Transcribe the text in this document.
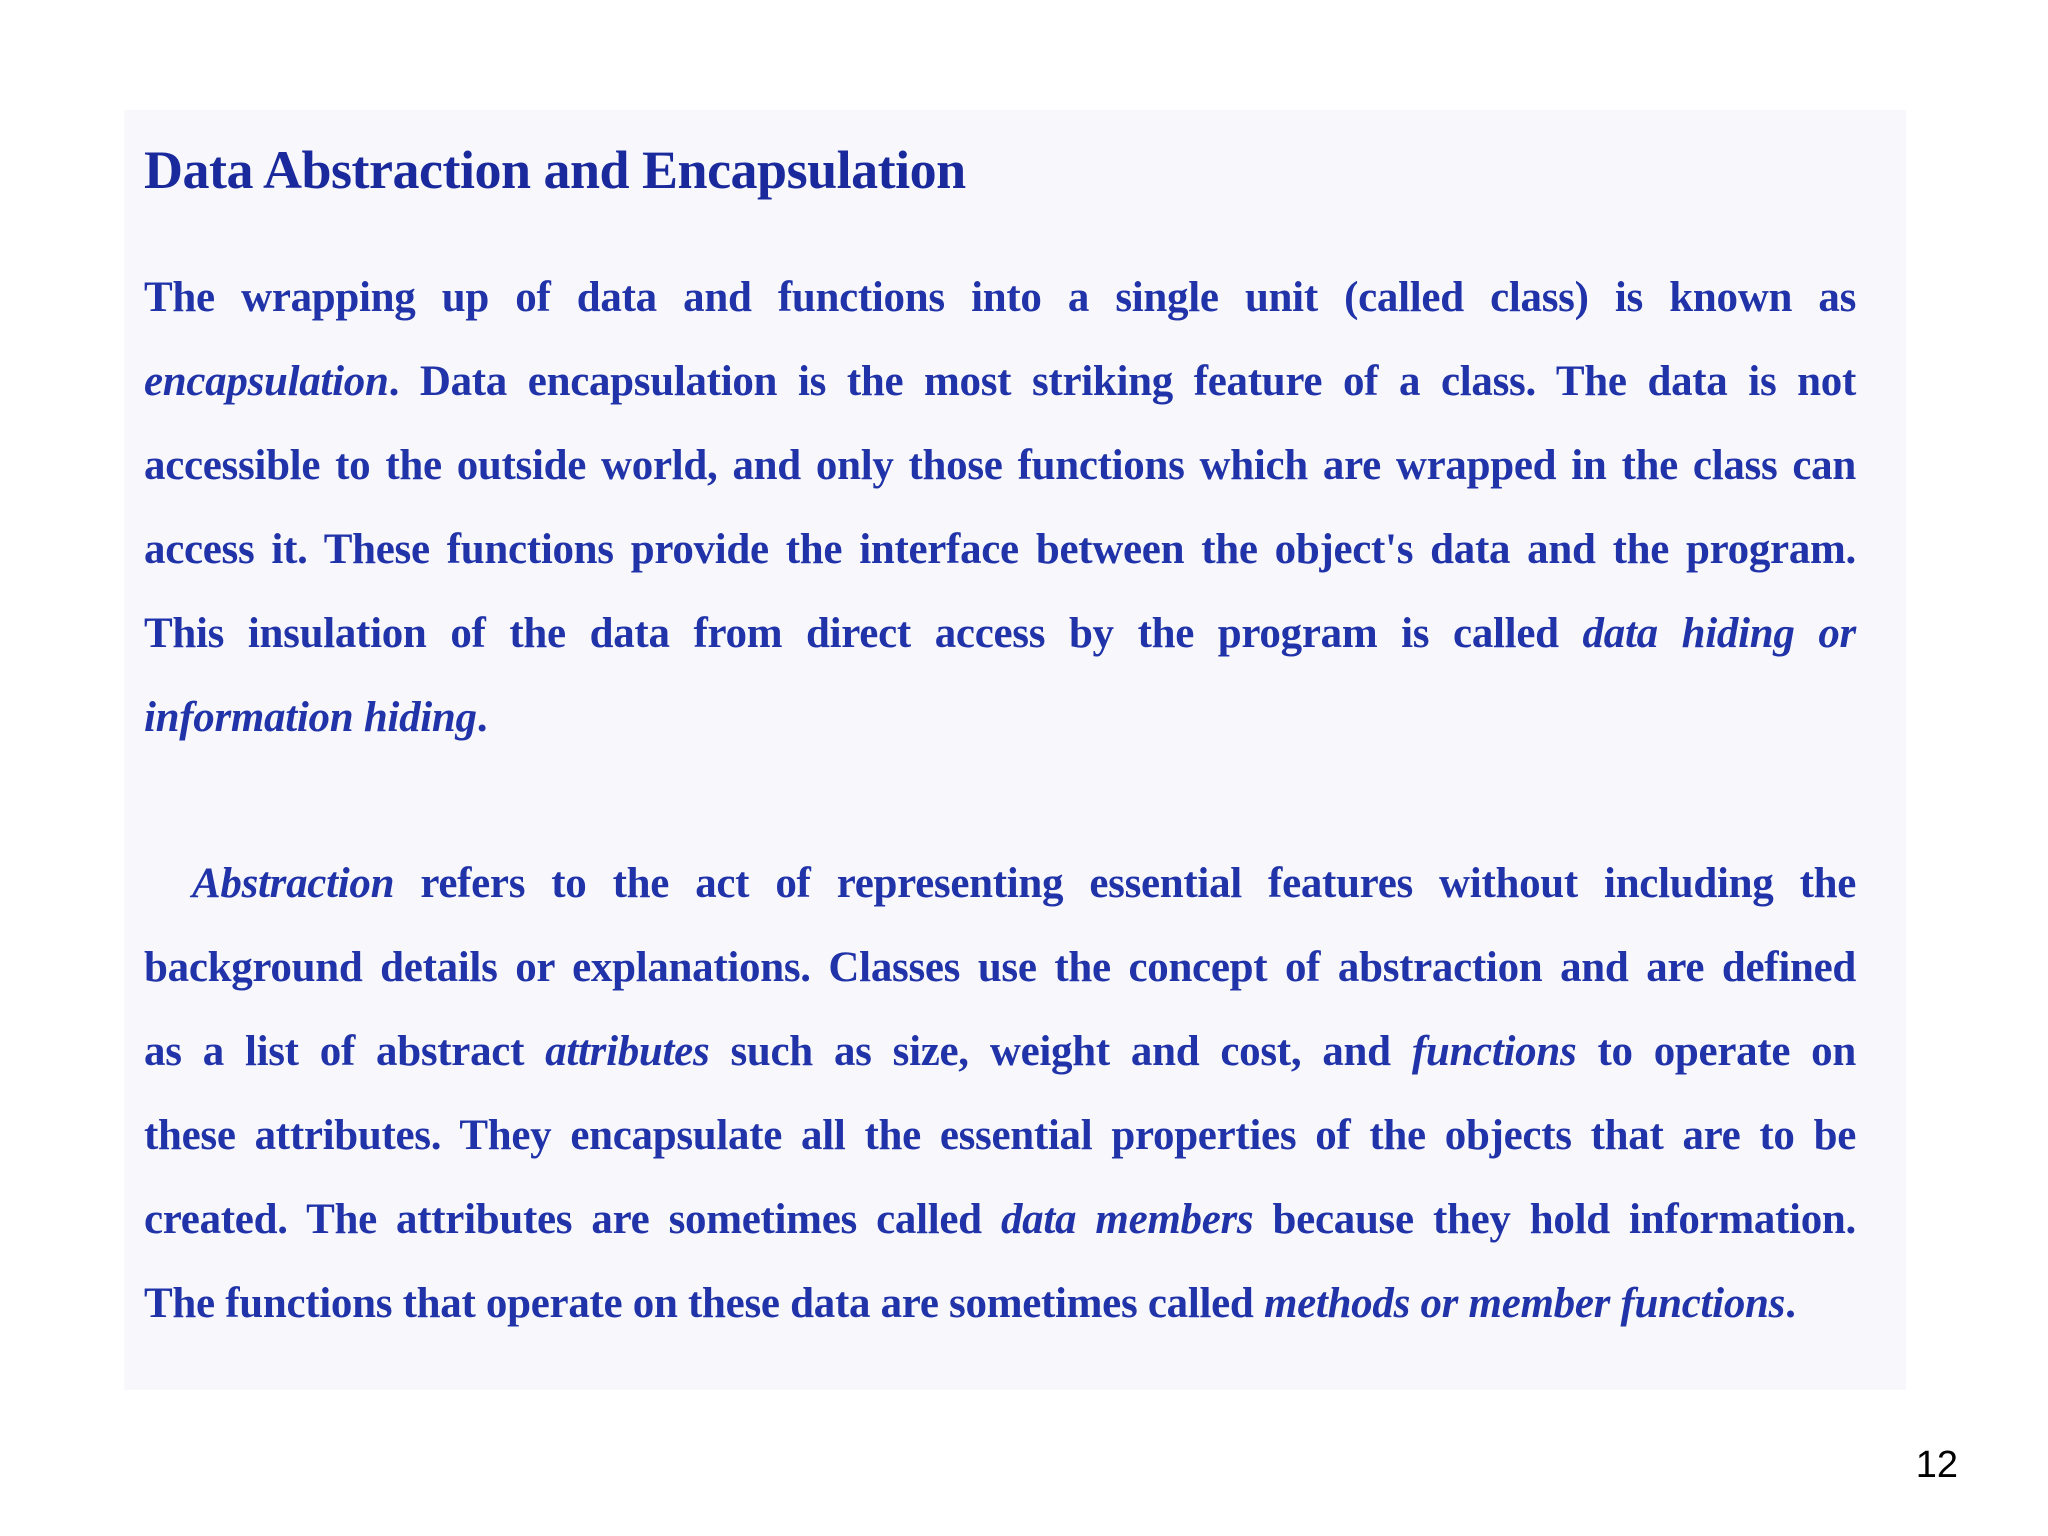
Data Abstraction and Encapsulation

The wrapping up of data and functions into a single unit (called class) is known as
encapsulation. Data encapsulation is the most striking feature of a class. The data is not
accessible to the outside world, and only those functions which are wrapped in the class can
access it. These functions provide the interface between the object's data and the program.
This insulation of the data from direct access by the program is called data hiding or
information hiding.

Abstraction refers to the act of representing essential features without including the
background details or explanations. Classes use the concept of abstraction and are defined
as a list of abstract attributes such as size, weight and cost, and functions to operate on
these attributes. They encapsulate all the essential properties of the objects that are to be
created. The attributes are sometimes called data members because they hold information.
The functions that operate on these data are sometimes called methods or member functions.

12
